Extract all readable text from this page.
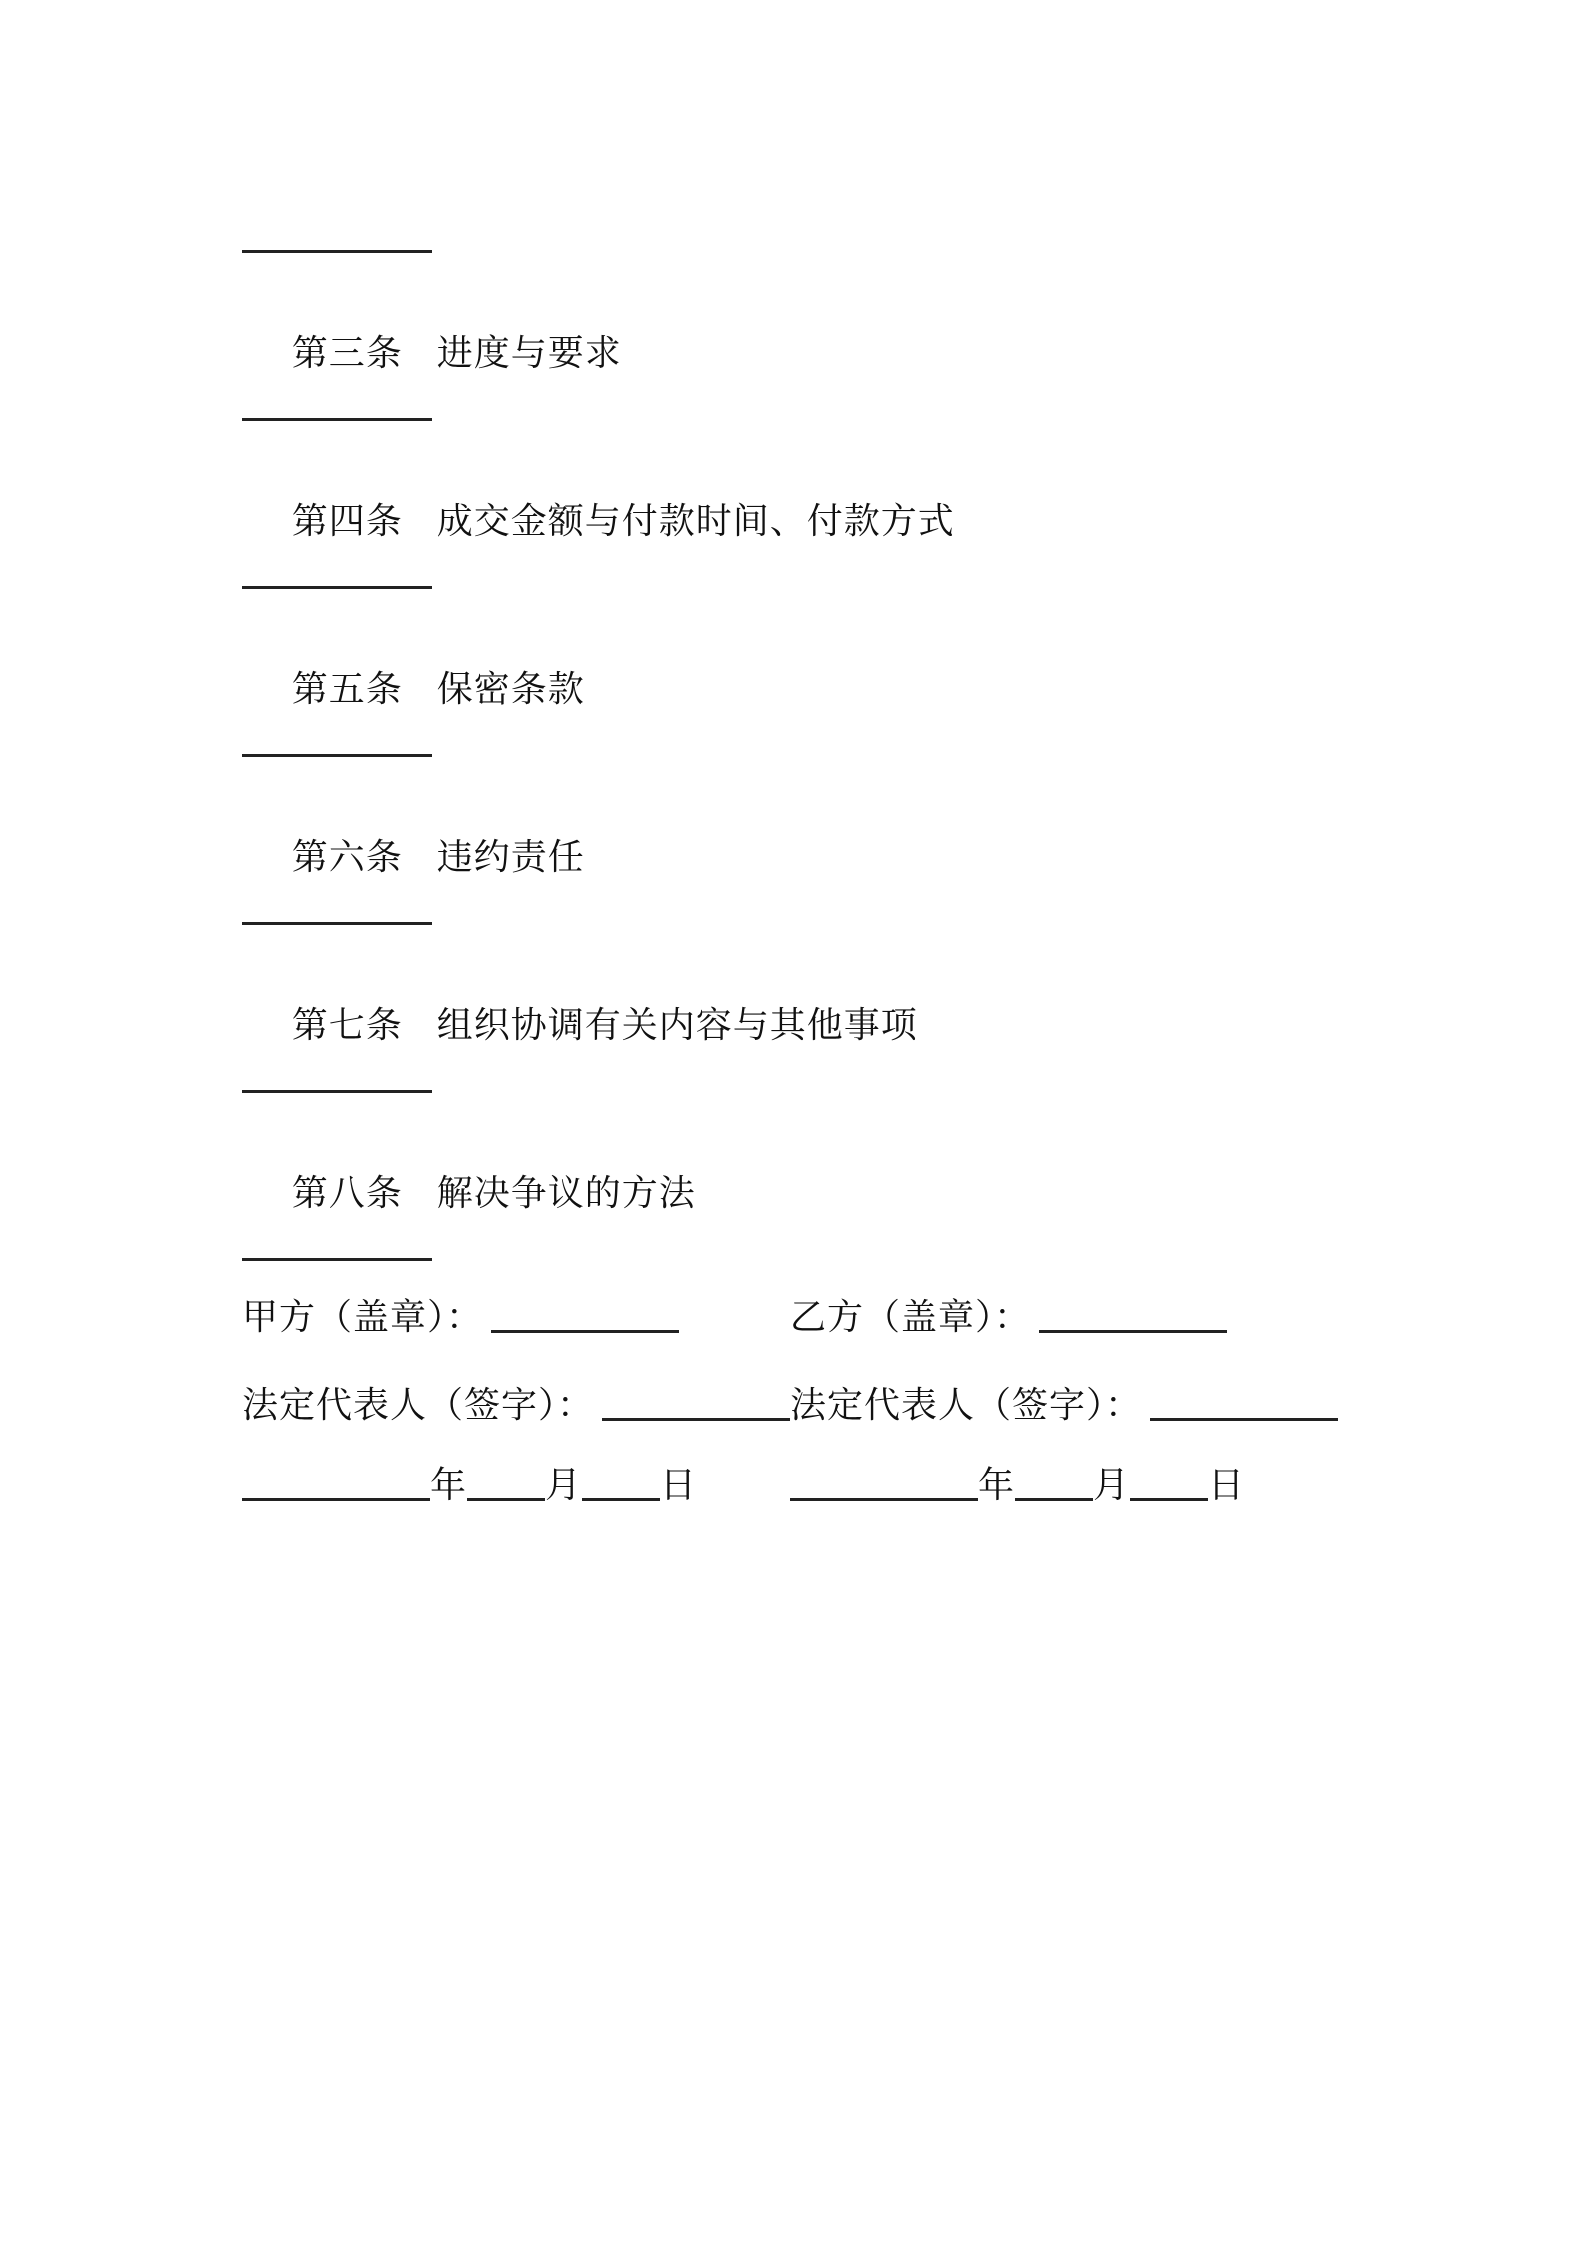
第三条 进度与要求

第四条 成交金额与付款时间、付款方式

第五条 保密条款

第六条 违约责任

第七条 组织协调有关内容与其他事项

第八条 解决争议的方法

甲方（盖章）：	乙方（盖章）：
法定代表人（签字）：	法定代表人（签字）：
年 月 日	年 月 日
